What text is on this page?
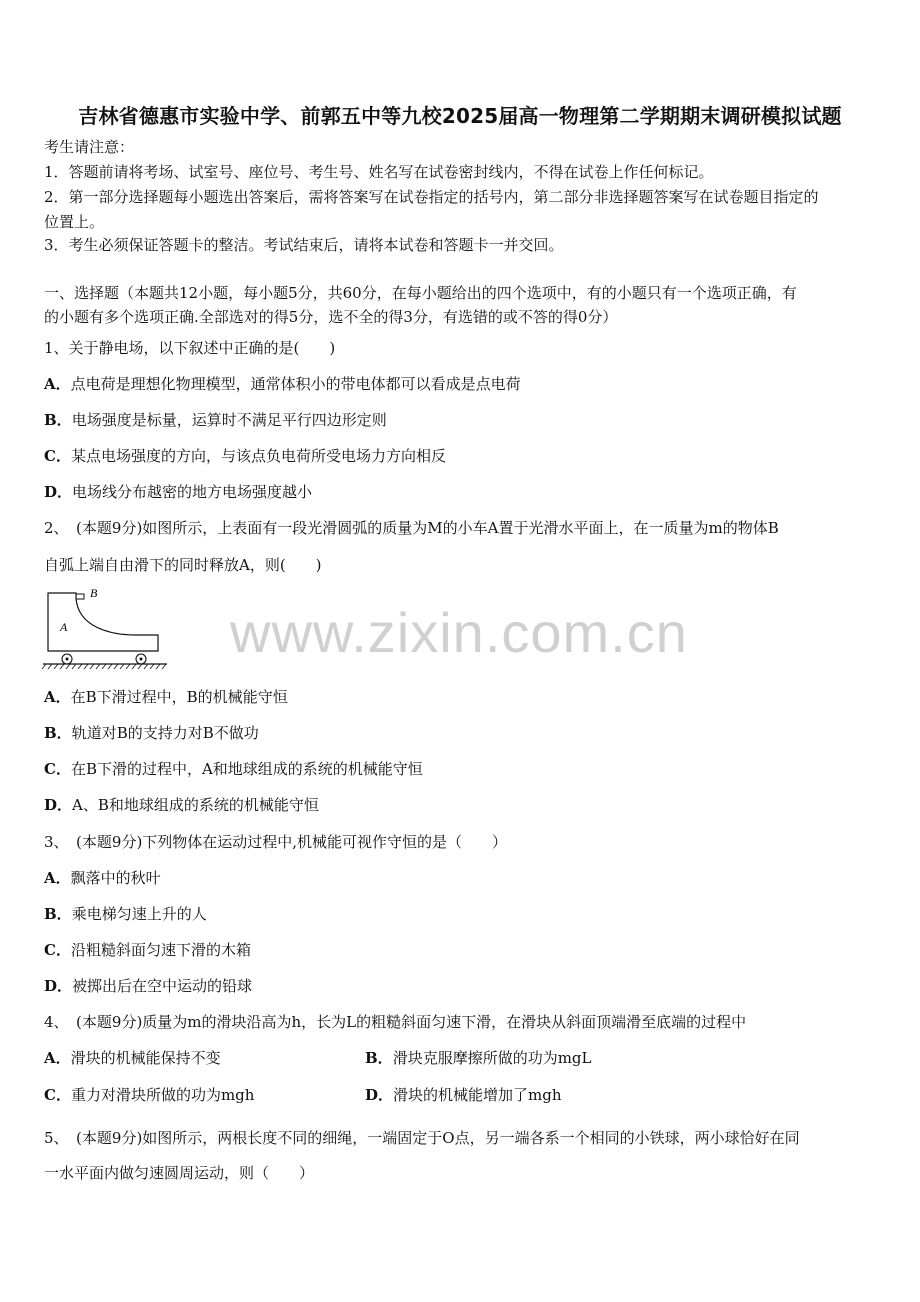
www.zixin.com.cn
吉林省德惠市实验中学、前郭五中等九校2025届高一物理第二学期期末调研模拟试题
考生请注意：
1．答题前请将考场、试室号、座位号、考生号、姓名写在试卷密封线内，不得在试卷上作任何标记。
2．第一部分选择题每小题选出答案后，需将答案写在试卷指定的括号内，第二部分非选择题答案写在试卷题目指定的
位置上。
3．考生必须保证答题卡的整洁。考试结束后，请将本试卷和答题卡一并交回。
一、选择题（本题共12小题，每小题5分，共60分，在每小题给出的四个选项中，有的小题只有一个选项正确，有
的小题有多个选项正确.全部选对的得5分，选不全的得3分，有选错的或不答的得0分）
1、关于静电场，以下叙述中正确的是(　　)
A．点电荷是理想化物理模型，通常体积小的带电体都可以看成是点电荷
B．电场强度是标量，运算时不满足平行四边形定则
C．某点电场强度的方向，与该点负电荷所受电场力方向相反
D．电场线分布越密的地方电场强度越小
2、　(本题9分)如图所示，上表面有一段光滑圆弧的质量为M的小车A置于光滑水平面上，在一质量为m的物体B
自弧上端自由滑下的同时释放A，则(　　)
B
A
A．在B下滑过程中，B的机械能守恒
B．轨道对B的支持力对B不做功
C．在B下滑的过程中，A和地球组成的系统的机械能守恒
D．A、B和地球组成的系统的机械能守恒
3、　(本题9分)下列物体在运动过程中,机械能可视作守恒的是（　　）
A．飘落中的秋叶
B．乘电梯匀速上升的人
C．沿粗糙斜面匀速下滑的木箱
D．被掷出后在空中运动的铅球
4、　(本题9分)质量为m的滑块沿高为h，长为L的粗糙斜面匀速下滑，在滑块从斜面顶端滑至底端的过程中
A．滑块的机械能保持不变	B．滑块克服摩擦所做的功为mgL
C．重力对滑块所做的功为mgh	D．滑块的机械能增加了mgh
5、　(本题9分)如图所示，两根长度不同的细绳，一端固定于O点，另一端各系一个相同的小铁球，两小球恰好在同
一水平面内做匀速圆周运动，则（　　）
